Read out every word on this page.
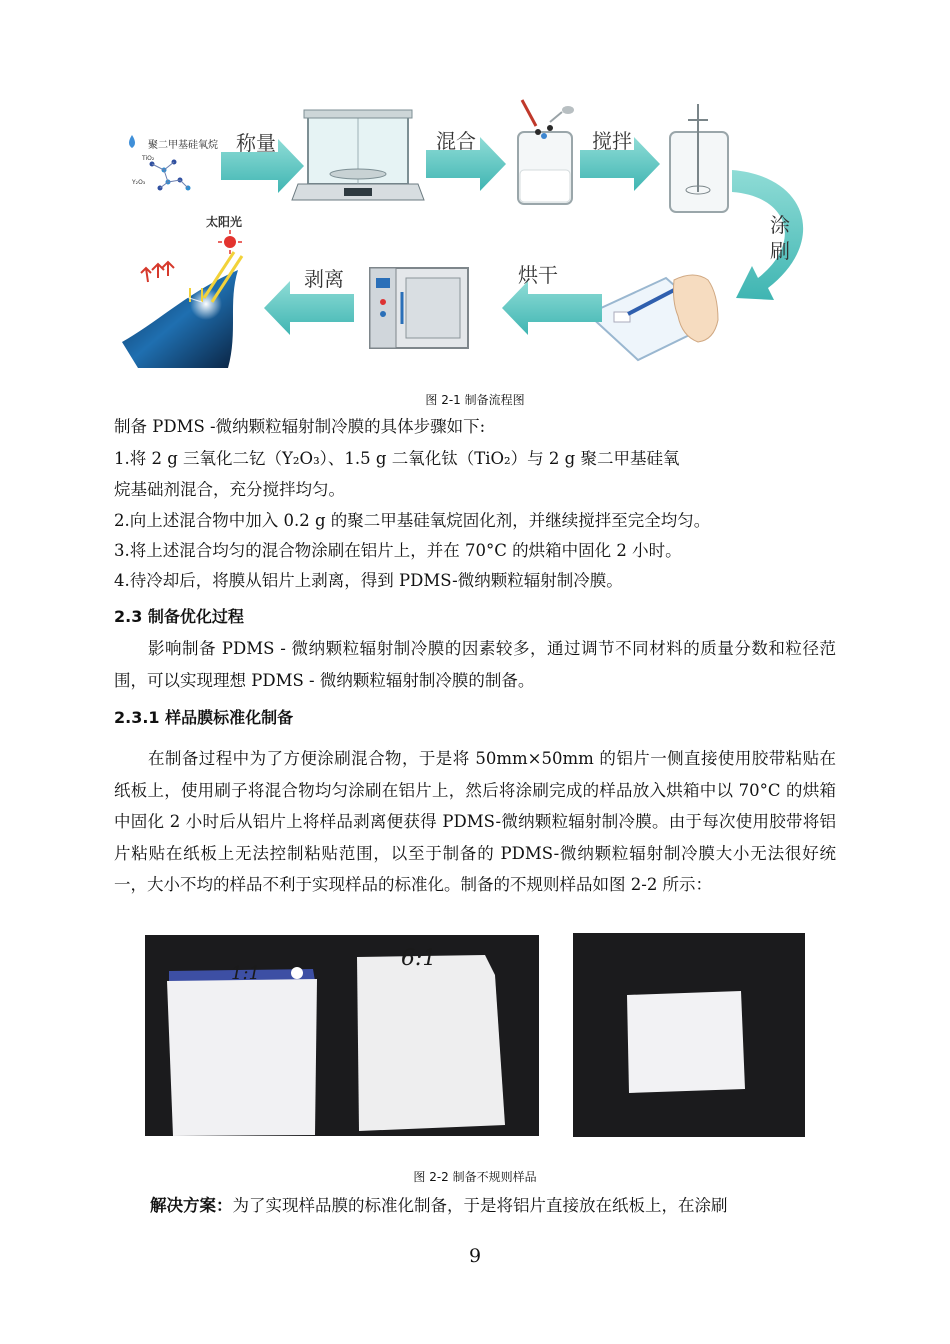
聚二甲基硅氧烷
TiO₂
Y₂O₃
称量	混合	搅拌
涂
刷
烘干
剥离
太阳光
图 2-1 制备流程图
制备 PDMS -微纳颗粒辐射制冷膜的具体步骤如下:
1.将 2 g 三氧化二钇（Y₂O₃）、1.5 g 二氧化钛（TiO₂）与 2 g 聚二甲基硅氧
烷基础剂混合，充分搅拌均匀。
2.向上述混合物中加入 0.2 g 的聚二甲基硅氧烷固化剂，并继续搅拌至完全均匀。
3.将上述混合均匀的混合物涂刷在铝片上，并在 70°C 的烘箱中固化 2 小时。
4.待冷却后，将膜从铝片上剥离，得到 PDMS-微纳颗粒辐射制冷膜。
2.3 制备优化过程
影响制备 PDMS - 微纳颗粒辐射制冷膜的因素较多，通过调节不同材料的质量分数和粒径范围，可以实现理想 PDMS - 微纳颗粒辐射制冷膜的制备。
2.3.1 样品膜标准化制备
在制备过程中为了方便涂刷混合物，于是将 50mm×50mm 的铝片一侧直接使用胶带粘贴在纸板上，使用刷子将混合物均匀涂刷在铝片上，然后将涂刷完成的样品放入烘箱中以 70°C 的烘箱中固化 2 小时后从铝片上将样品剥离便获得 PDMS-微纳颗粒辐射制冷膜。由于每次使用胶带将铝片粘贴在纸板上无法控制粘贴范围，以至于制备的 PDMS-微纳颗粒辐射制冷膜大小无法很好统一，大小不均的样品不利于实现样品的标准化。制备的不规则样品如图 2-2 所示：
1:1
6:1
图 2-2 制备不规则样品
解决方案：为了实现样品膜的标准化制备，于是将铝片直接放在纸板上，在涂刷
9
